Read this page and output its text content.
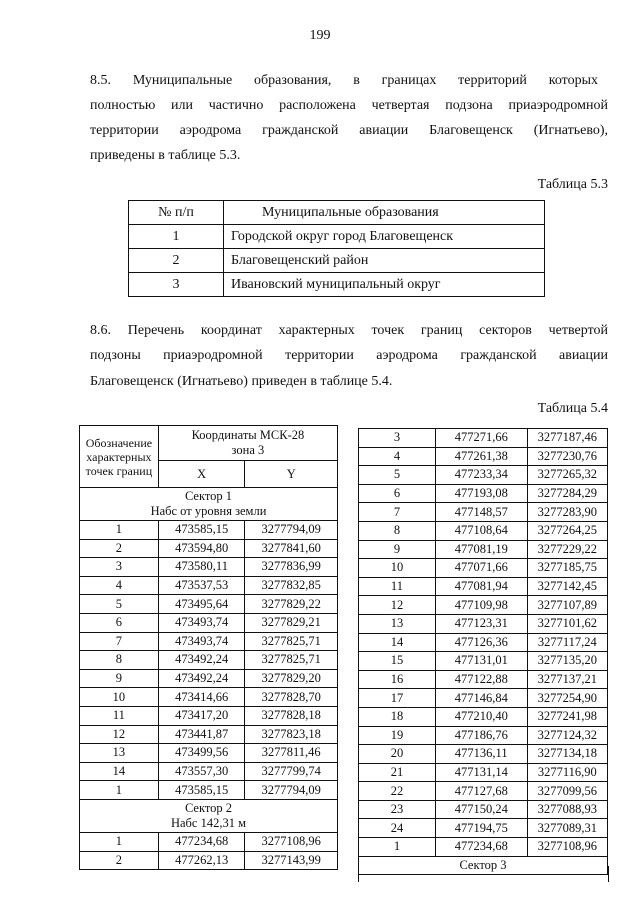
199
8.5. Муниципальные образования, в границах территорий которых
полностью или частично расположена четвертая подзона приаэродромной
территории аэродрома гражданской авиации Благовещенск (Игнатьево),
приведены в таблице 5.3.
Таблица 5.3
№ п/п	Муниципальные образования
1	Городской округ город Благовещенск
2	Благовещенский район
3	Ивановский муниципальный округ
8.6. Перечень координат характерных точек границ секторов четвертой
подзоны приаэродромной территории аэродрома гражданской авиации
Благовещенск (Игнатьево) приведен в таблице 5.4.
Таблица 5.4
Обозначение характерных точек границ	Координаты МСК-28 зона 3	
	X	Y

Сектор 1
Набс от уровня земли		

1	473585,15	3277794,09
2	473594,80	3277841,60
3	473580,11	3277836,99
4	473537,53	3277832,85
5	473495,64	3277829,22
6	473493,74	3277829,21
7	473493,74	3277825,71
8	473492,24	3277825,71
9	473492,24	3277829,20
10	473414,66	3277828,70
11	473417,20	3277828,18
12	473441,87	3277823,18
13	473499,56	3277811,46
14	473557,30	3277799,74
1	473585,15	3277794,09

Сектор 2
Набс 142,31 м		

1	477234,68	3277108,96
2	477262,13	3277143,99
3	477271,66	3277187,46
4	477261,38	3277230,76
5	477233,34	3277265,32
6	477193,08	3277284,29
7	477148,57	3277283,90
8	477108,64	3277264,25
9	477081,19	3277229,22
10	477071,66	3277185,75
11	477081,94	3277142,45
12	477109,98	3277107,89
13	477123,31	3277101,62
14	477126,36	3277117,24
15	477131,01	3277135,20
16	477122,88	3277137,21
17	477146,84	3277254,90
18	477210,40	3277241,98
19	477186,76	3277124,32
20	477136,11	3277134,18
21	477131,14	3277116,90
22	477127,68	3277099,56
23	477150,24	3277088,93
24	477194,75	3277089,31
1	477234,68	3277108,96
Сектор 3		
